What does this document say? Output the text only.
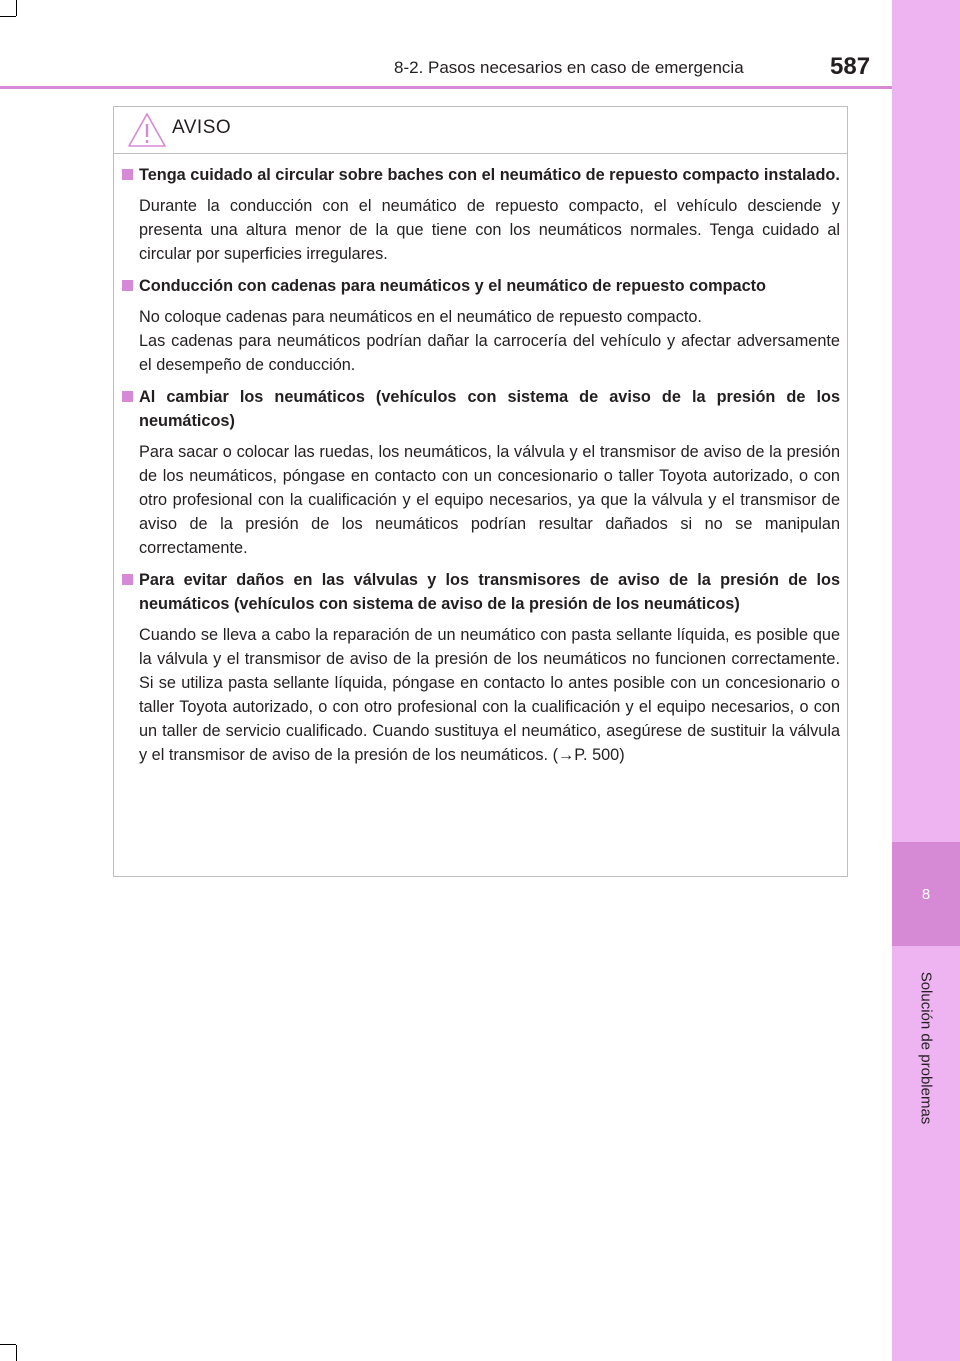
8
Solución de problemas
8-2. Pasos necesarios en caso de emergencia	587
AVISO
Tenga cuidado al circular sobre baches con el neumático de repuesto compacto instalado.

Durante la conducción con el neumático de repuesto compacto, el vehículo desciende y presenta una altura menor de la que tiene con los neumáticos normales. Tenga cuidado al circular por superficies irregulares.

Conducción con cadenas para neumáticos y el neumático de repuesto compacto

No coloque cadenas para neumáticos en el neumático de repuesto compacto.

Las cadenas para neumáticos podrían dañar la carrocería del vehículo y afectar adversamente el desempeño de conducción.

Al cambiar los neumáticos (vehículos con sistema de aviso de la presión de los neumáticos)

Para sacar o colocar las ruedas, los neumáticos, la válvula y el transmisor de aviso de la presión de los neumáticos, póngase en contacto con un concesionario o taller Toyota autorizado, o con otro profesional con la cualificación y el equipo necesarios, ya que la válvula y el transmisor de aviso de la presión de los neumáticos podrían resultar dañados si no se manipulan correctamente.

Para evitar daños en las válvulas y los transmisores de aviso de la presión de los neumáticos (vehículos con sistema de aviso de la presión de los neumáticos)

Cuando se lleva a cabo la reparación de un neumático con pasta sellante líquida, es posible que la válvula y el transmisor de aviso de la presión de los neumáticos no funcionen correctamente. Si se utiliza pasta sellante líquida, póngase en contacto lo antes posible con un concesionario o taller Toyota autorizado, o con otro profesional con la cualificación y el equipo necesarios, o con un taller de servicio cualificado. Cuando sustituya el neumático, asegúrese de sustituir la válvula y el transmisor de aviso de la presión de los neumáticos. (→P. 500)
